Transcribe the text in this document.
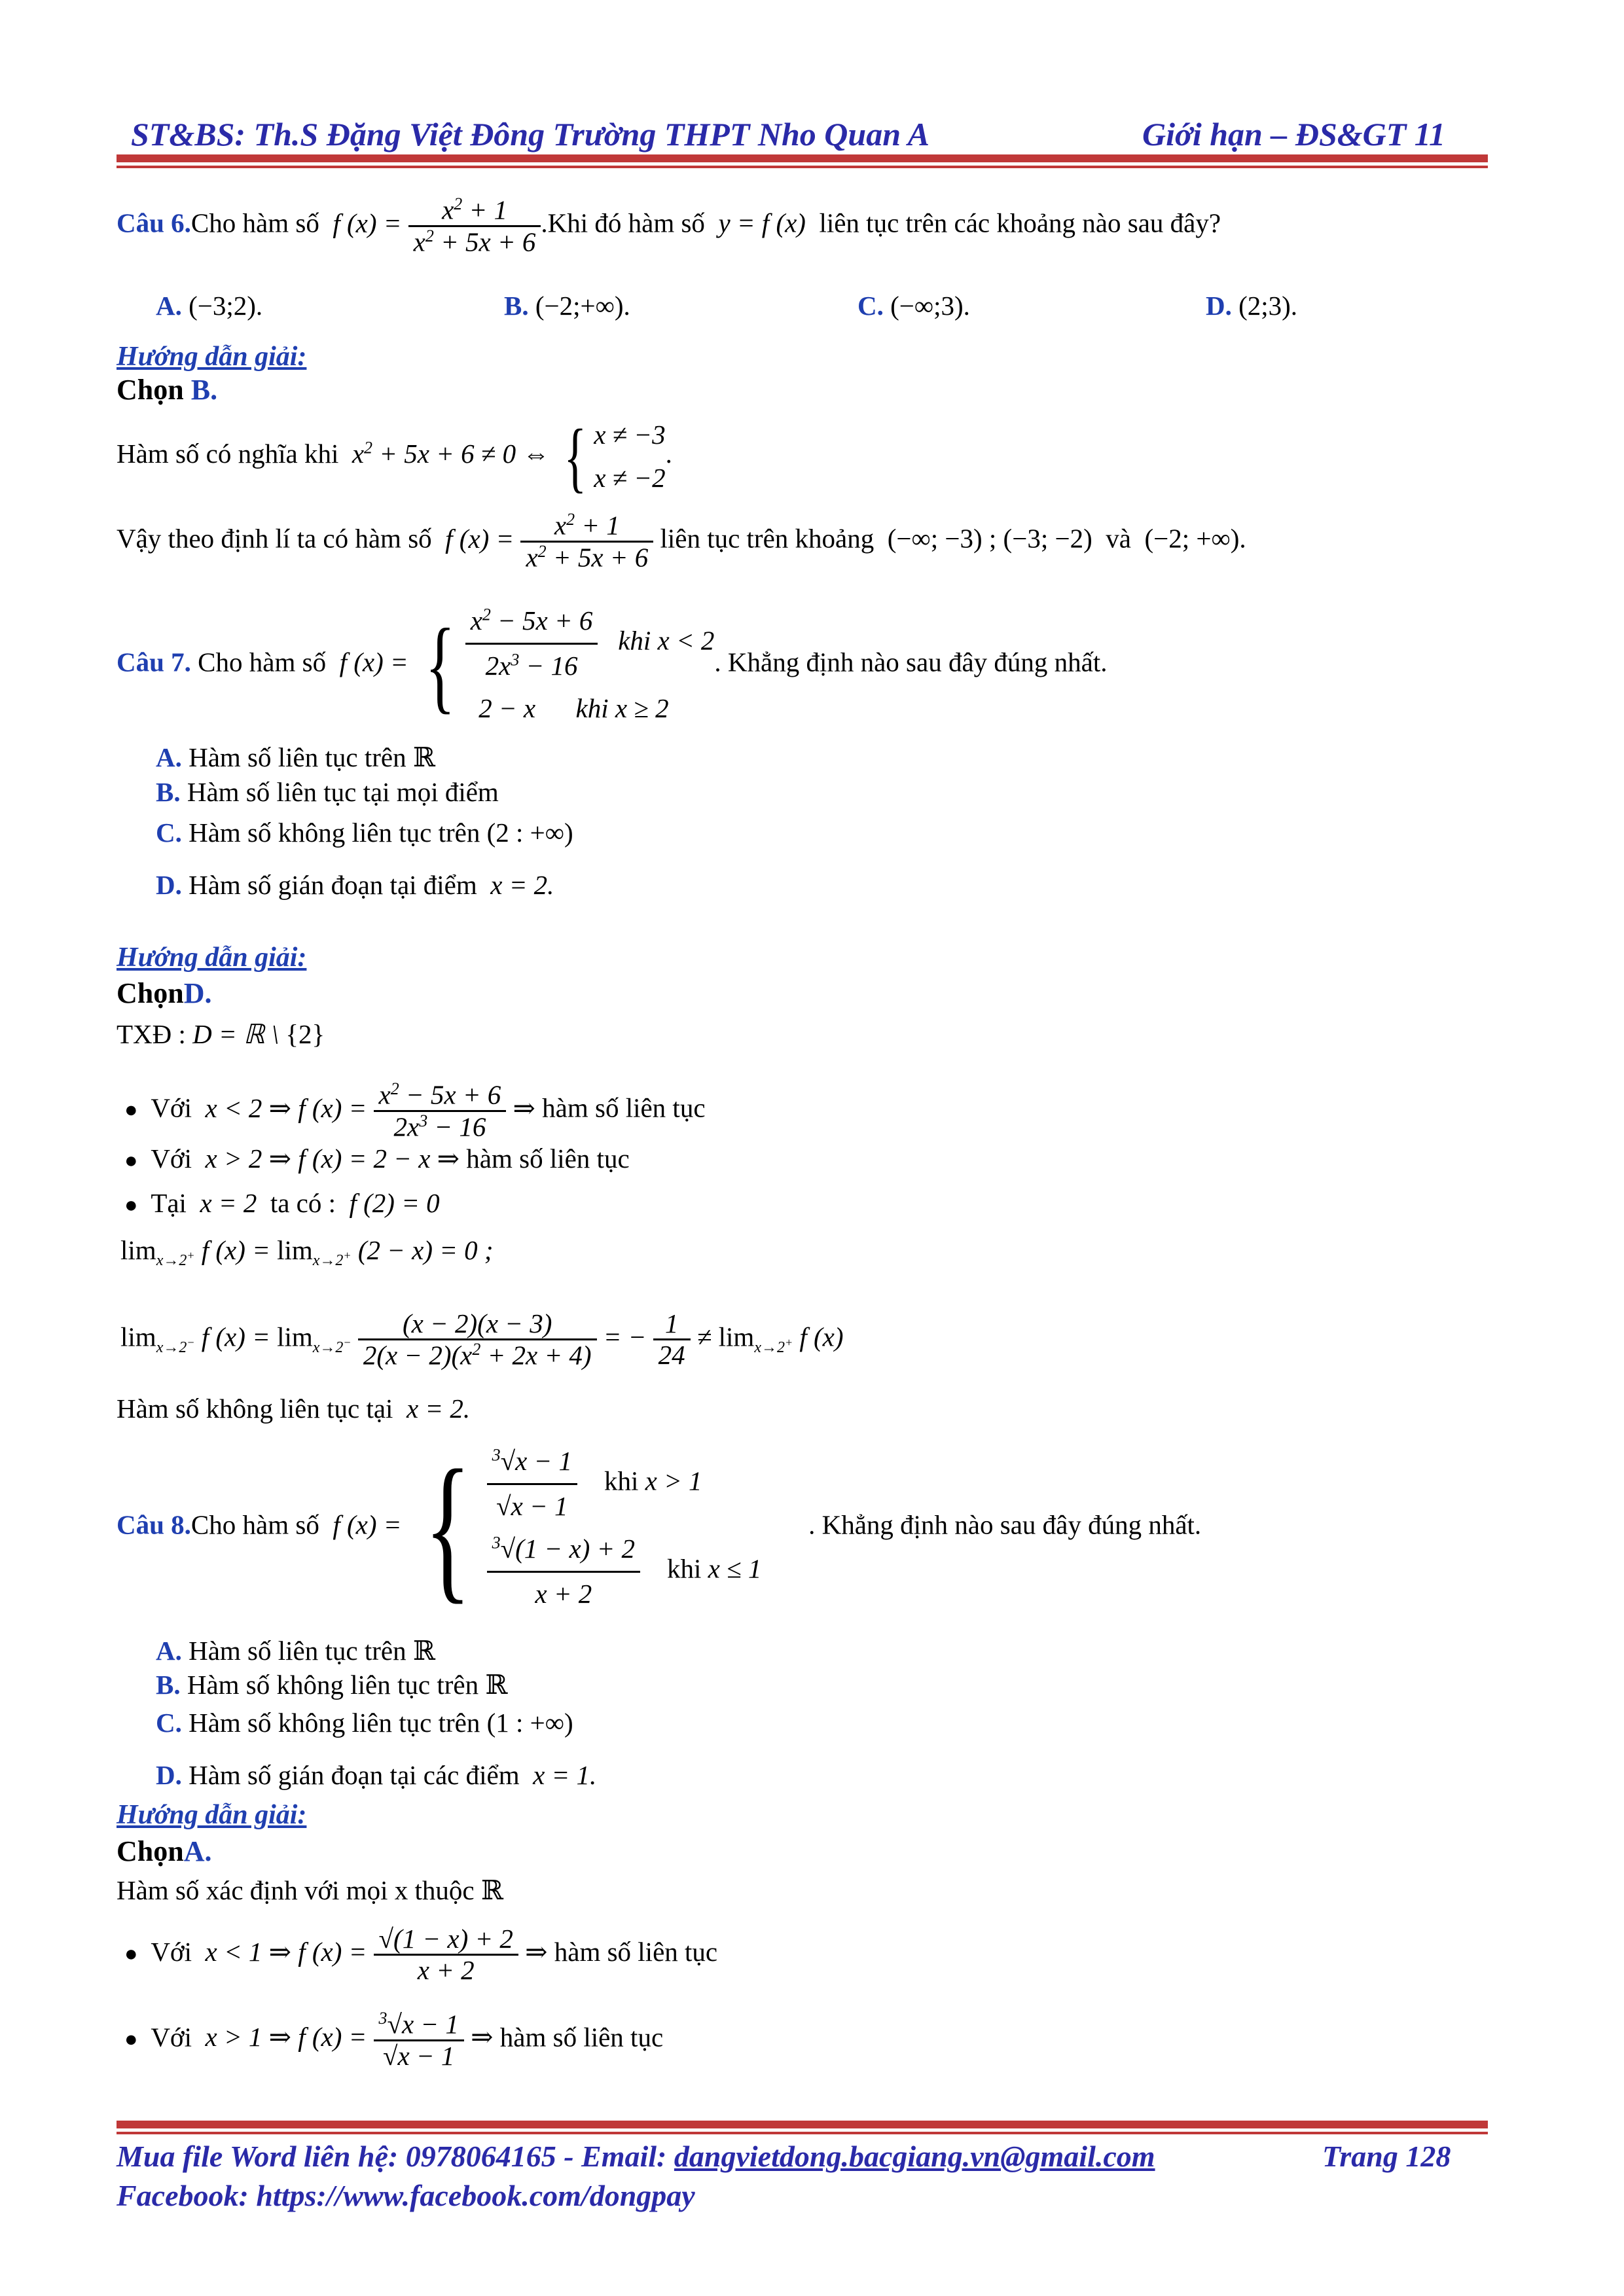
ST&BS: Th.S Đặng Việt Đông Trường THPT Nho Quan A	Giới hạn – ĐS&GT 11
Câu 6.Cho hàm số  f $(x) = \frac{x^2 + 1}{x^2 + 5x + 6} .Khi$ đó hàm số  y = f (x)  liên tục trên các khoảng nào sau đây?
A. (−3;2).	B. (−2;+∞).	C. (−∞;3).	D. (2;3).
Hướng dẫn giải:
Chọn B.
Hàm số có nghĩa khi  $x^2 + 5x + 6 \ne 0$ ⇔ { x ≠ −3
x ≠ −2
.
Vậy theo định lí ta có hàm số  f $(x) = \frac{x^2 + 1}{x^2 + 5x + 6}$ liên tục trên khoảng  (−∞; −3) ; (−3; −2)  và  (−2; +∞).
Câu 7. Cho hàm số  f (x) = { $\frac{x^2 - 5x + 6}{2x^3 - 16}$ khi x < 2
2 − x      khi x ≥ 2
. Khẳng định nào sau đây đúng nhất.
A. Hàm số liên tục trên ℝ
B. Hàm số liên tục tại mọi điểm
C. Hàm số không liên tục trên (2 : +∞)
D. Hàm số gián đoạn tại điểm  x = 2.
Hướng dẫn giải:
ChọnD.
TXĐ : D = ℝ \ {2}
● Với  x < 2 ⇒ f $(x) = \frac{x^2 - 5x + 6}{2x^3 - 16}$ ⇒ hàm số liên tục
● Với  x > 2 ⇒ f (x) = 2 − x ⇒ hàm số liên tục
● Tại  x = 2  ta có :  f (2) = 0
$\lim_{x\to 2^+} f$ $(x) = \lim_{x\to 2^+} (2 - x) = 0$ ;
$\lim_{x\to 2^-} f$ $(x) = \lim_{x\to 2^-} \frac{(x - 2)(x - 3)}{2(x - 2)(x^2 + 2x + 4)}$ = − $\frac{1}{24} \ne \lim_{x\to 2^+} f$ (x)
Hàm số không liên tục tại  x = 2.
Câu 8.Cho hàm số  f (x) = { $\frac{^3√x - 1}{√x - 1}$ khi x > 1
$\frac{^3√(1 - x) + 2}{x + 2}$ khi x ≤ 1
. Khẳng định nào sau đây đúng nhất.
A. Hàm số liên tục trên ℝ
B. Hàm số không liên tục trên ℝ
C. Hàm số không liên tục trên (1 : +∞)
D. Hàm số gián đoạn tại các điểm  x = 1.
Hướng dẫn giải:
ChọnA.
Hàm số xác định với mọi x thuộc ℝ
● Với  x < 1 ⇒ f $(x) = \frac{√(1 - x) + 2}{x + 2}$ ⇒ hàm số liên tục
● Với  x > 1 ⇒ f $(x) = \frac{^3√x - 1}{√x - 1}$ ⇒ hàm số liên tục
Mua file Word liên hệ: 0978064165 - Email: dangvietdong.bacgiang.vn@gmail.com	Trang 128
Facebook: https://www.facebook.com/dongpay
